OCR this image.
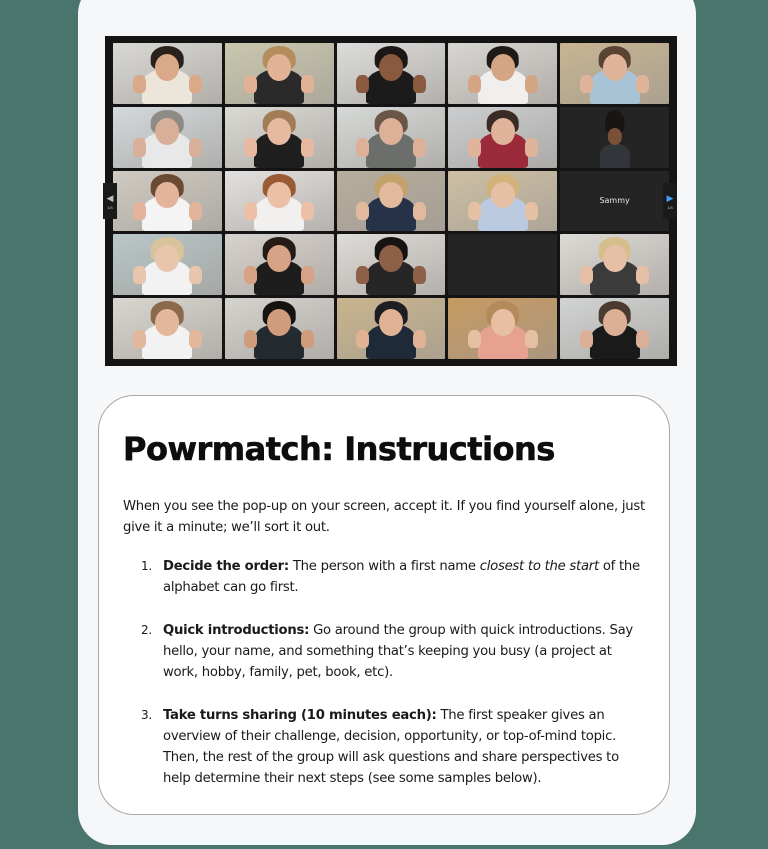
Sammy
◀
1/4
▶
1/4
Powrmatch: Instructions

When you see the pop-up on your screen, accept it. If you find yourself alone, just give it a minute; we’ll sort it out.

1. Decide the order: The person with a first name closest to the start of the alphabet can go first.
2. Quick introductions: Go around the group with quick introductions. Say hello, your name, and something that’s keeping you busy (a project at work, hobby, family, pet, book, etc).
3. Take turns sharing (10 minutes each): The first speaker gives an overview of their challenge, decision, opportunity, or top-of-mind topic. Then, the rest of the group will ask questions and share perspectives to help determine their next steps (see some samples below).
